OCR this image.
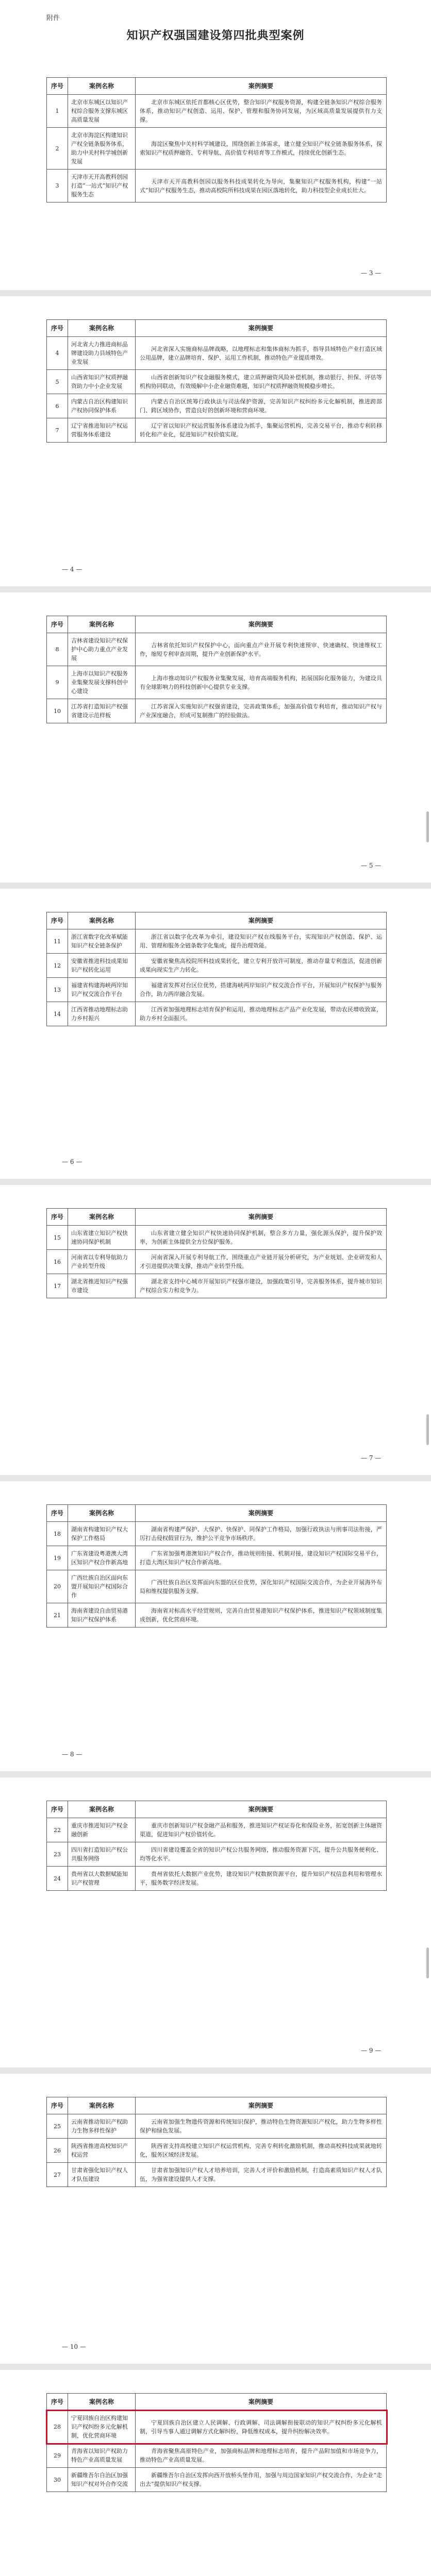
附件
知识产权强国建设第四批典型案例
序号	案例名称	案例摘要
1	北京市东城区以知识产权综合服务支撑东城区高质量发展	北京市东城区依托首都核心区优势，整合知识产权服务资源，构建全链条知识产权综合服务体系，推动知识产权创造、运用、保护、管理和服务协同发展，为区域高质量发展提供有力支撑。
2	北京市海淀区构建知识产权全链条服务体系，助力中关村科学城创新发展	海淀区聚焦中关村科学城建设，围绕创新主体需求，建立健全知识产权全链条服务体系，探索知识产权质押融资、专利导航、高价值专利培育等工作模式，持续优化创新生态。
3	天津市天开高教科创园打造“一站式”知识产权服务生态	天津市天开高教科创园以服务科技成果转化为导向，集聚知识产权服务机构，构建“一站式”知识产权服务生态，推动高校院所科技成果在园区落地转化，助力科技型企业成长壮大。
— 3 —
序号	案例名称	案例摘要
4	河北省大力推进商标品牌建设助力县域特色产业发展	河北省深入实施商标品牌战略，以地理标志和集体商标为抓手，指导县域特色产业打造区域公用品牌，建立品牌培育、保护、运用工作机制，推动特色产业提质增效。
5	山西省知识产权质押融资助力中小企业发展	山西省创新知识产权金融服务模式，建立质押融资风险补偿机制，推动银行、担保、评估等机构协同联动，有效缓解中小企业融资难题，知识产权质押融资规模稳步增长。
6	内蒙古自治区构建知识产权协同保护体系	内蒙古自治区统筹行政执法与司法保护资源，完善知识产权纠纷多元化解机制，推进跨部门、跨区域协作，营造良好的创新环境和营商环境。
7	辽宁省推进知识产权运营服务体系建设	辽宁省以知识产权运营服务体系建设为抓手，集聚运营机构，完善交易平台，推动专利转移转化和产业化，促进知识产权价值实现。
— 4 —
序号	案例名称	案例摘要
8	吉林省建设知识产权保护中心助力重点产业发展	吉林省依托知识产权保护中心，面向重点产业开展专利快速预审、快速确权、快速维权工作，缩短专利审查周期，提升产业创新保护水平。
9	上海市以知识产权服务业集聚发展支撑科创中心建设	上海市推动知识产权服务业集聚发展，培育高端服务机构，拓展国际化服务能力，为建设具有全球影响力的科技创新中心提供专业支撑。
10	江苏省打造知识产权强省建设示范样板	江苏省深入实施知识产权强省建设，完善政策体系，加强高价值专利培育，推动知识产权与产业深度融合，形成可复制推广的经验做法。
— 5 —
序号	案例名称	案例摘要
11	浙江省数字化改革赋能知识产权全链条保护	浙江省以数字化改革为牵引，建设知识产权在线服务平台，实现知识产权创造、保护、运用、管理和服务全链条数字化集成，提升治理效能。
12	安徽省推进科技成果知识产权转化运用	安徽省聚焦高校院所科技成果转化，建立专利开放许可制度，推动存量专利盘活，促进创新成果向现实生产力转化。
13	福建省构建海峡两岸知识产权交流合作平台	福建省发挥对台区位优势，搭建海峡两岸知识产权交流合作平台，开展知识产权保护与服务合作，助力两岸融合发展。
14	江西省推动地理标志助力乡村振兴	江西省加强地理标志培育保护和运用，推动地理标志产品产业化发展，带动农民增收致富，助力乡村全面振兴。
— 6 —
序号	案例名称	案例摘要
15	山东省建立知识产权快速协同保护机制	山东省建立健全知识产权快速协同保护机制，整合多方力量，强化源头保护，提升保护效率，为创新主体提供全方位保护服务。
16	河南省以专利导航助力产业转型升级	河南省深入开展专利导航工作，围绕重点产业链开展分析研究，为产业规划、企业研发和人才引进提供决策支撑，推动产业转型升级。
17	湖北省推进知识产权强市建设	湖北省支持中心城市开展知识产权强市建设，加强政策引导，完善服务体系，提升城市知识产权综合实力和竞争力。
— 7 —
序号	案例名称	案例摘要
18	湖南省构建知识产权大保护工作格局	湖南省构建严保护、大保护、快保护、同保护工作格局，加强行政执法与刑事司法衔接，严厉打击侵权假冒行为，维护公平竞争市场秩序。
19	广东省建设粤港澳大湾区知识产权合作新高地	广东省加强粤港澳知识产权合作，推动规则衔接、机制对接，建设知识产权国际交易平台，打造大湾区知识产权合作新高地。
20	广西壮族自治区面向东盟开展知识产权国际合作	广西壮族自治区发挥面向东盟的区位优势，深化知识产权国际交流合作，为企业开展海外布局和维权提供服务支撑。
21	海南省建设自由贸易港知识产权保护体系	海南省对标高水平经贸规则，完善自由贸易港知识产权保护体系，推进知识产权领域制度集成创新，优化营商环境。
— 8 —
序号	案例名称	案例摘要
22	重庆市推进知识产权金融创新	重庆市创新知识产权金融产品和服务，推进知识产权证券化和保险业务，拓宽创新主体融资渠道，促进知识产权价值转化。
23	四川省打造知识产权公共服务网络	四川省建设覆盖全省的知识产权公共服务网络，推动服务资源下沉，提升公共服务便利化、均等化水平。
24	贵州省以大数据赋能知识产权管理	贵州省依托大数据产业优势，建设知识产权数据资源平台，提升知识产权信息利用和管理水平，服务数字经济发展。
— 9 —
序号	案例名称	案例摘要
25	云南省推动知识产权助力生物多样性保护	云南省加强生物遗传资源和传统知识保护，推动特色生物资源知识产权化，助力生物多样性保护和绿色发展。
26	陕西省推进高校知识产权运营	陕西省支持高校建立知识产权运营机构，完善专利转化激励机制，推动高校科技成果就地转化，服务区域经济发展。
27	甘肃省强化知识产权人才队伍建设	甘肃省加强知识产权人才培养培训，完善人才评价和激励机制，打造高素质知识产权人才队伍，为强省建设提供人才支撑。
— 10 —
序号	案例名称	案例摘要
28	宁夏回族自治区构建知识产权纠纷多元化解机制，优化营商环境	宁夏回族自治区建立人民调解、行政调解、司法调解衔接联动的知识产权纠纷多元化解机制，引导当事人通过调解方式化解纠纷，降低维权成本，提升纠纷解决效率。
29	青海省以知识产权助力特色产业高质量发展	青海省聚焦高原特色产业，加强商标品牌和地理标志培育，提升产品附加值和市场竞争力，推动特色产业高质量发展。
30	新疆维吾尔自治区加强知识产权对外合作交流	新疆维吾尔自治区发挥向西开放桥头堡作用，加强与周边国家知识产权交流合作，为企业“走出去”提供知识产权支撑。
